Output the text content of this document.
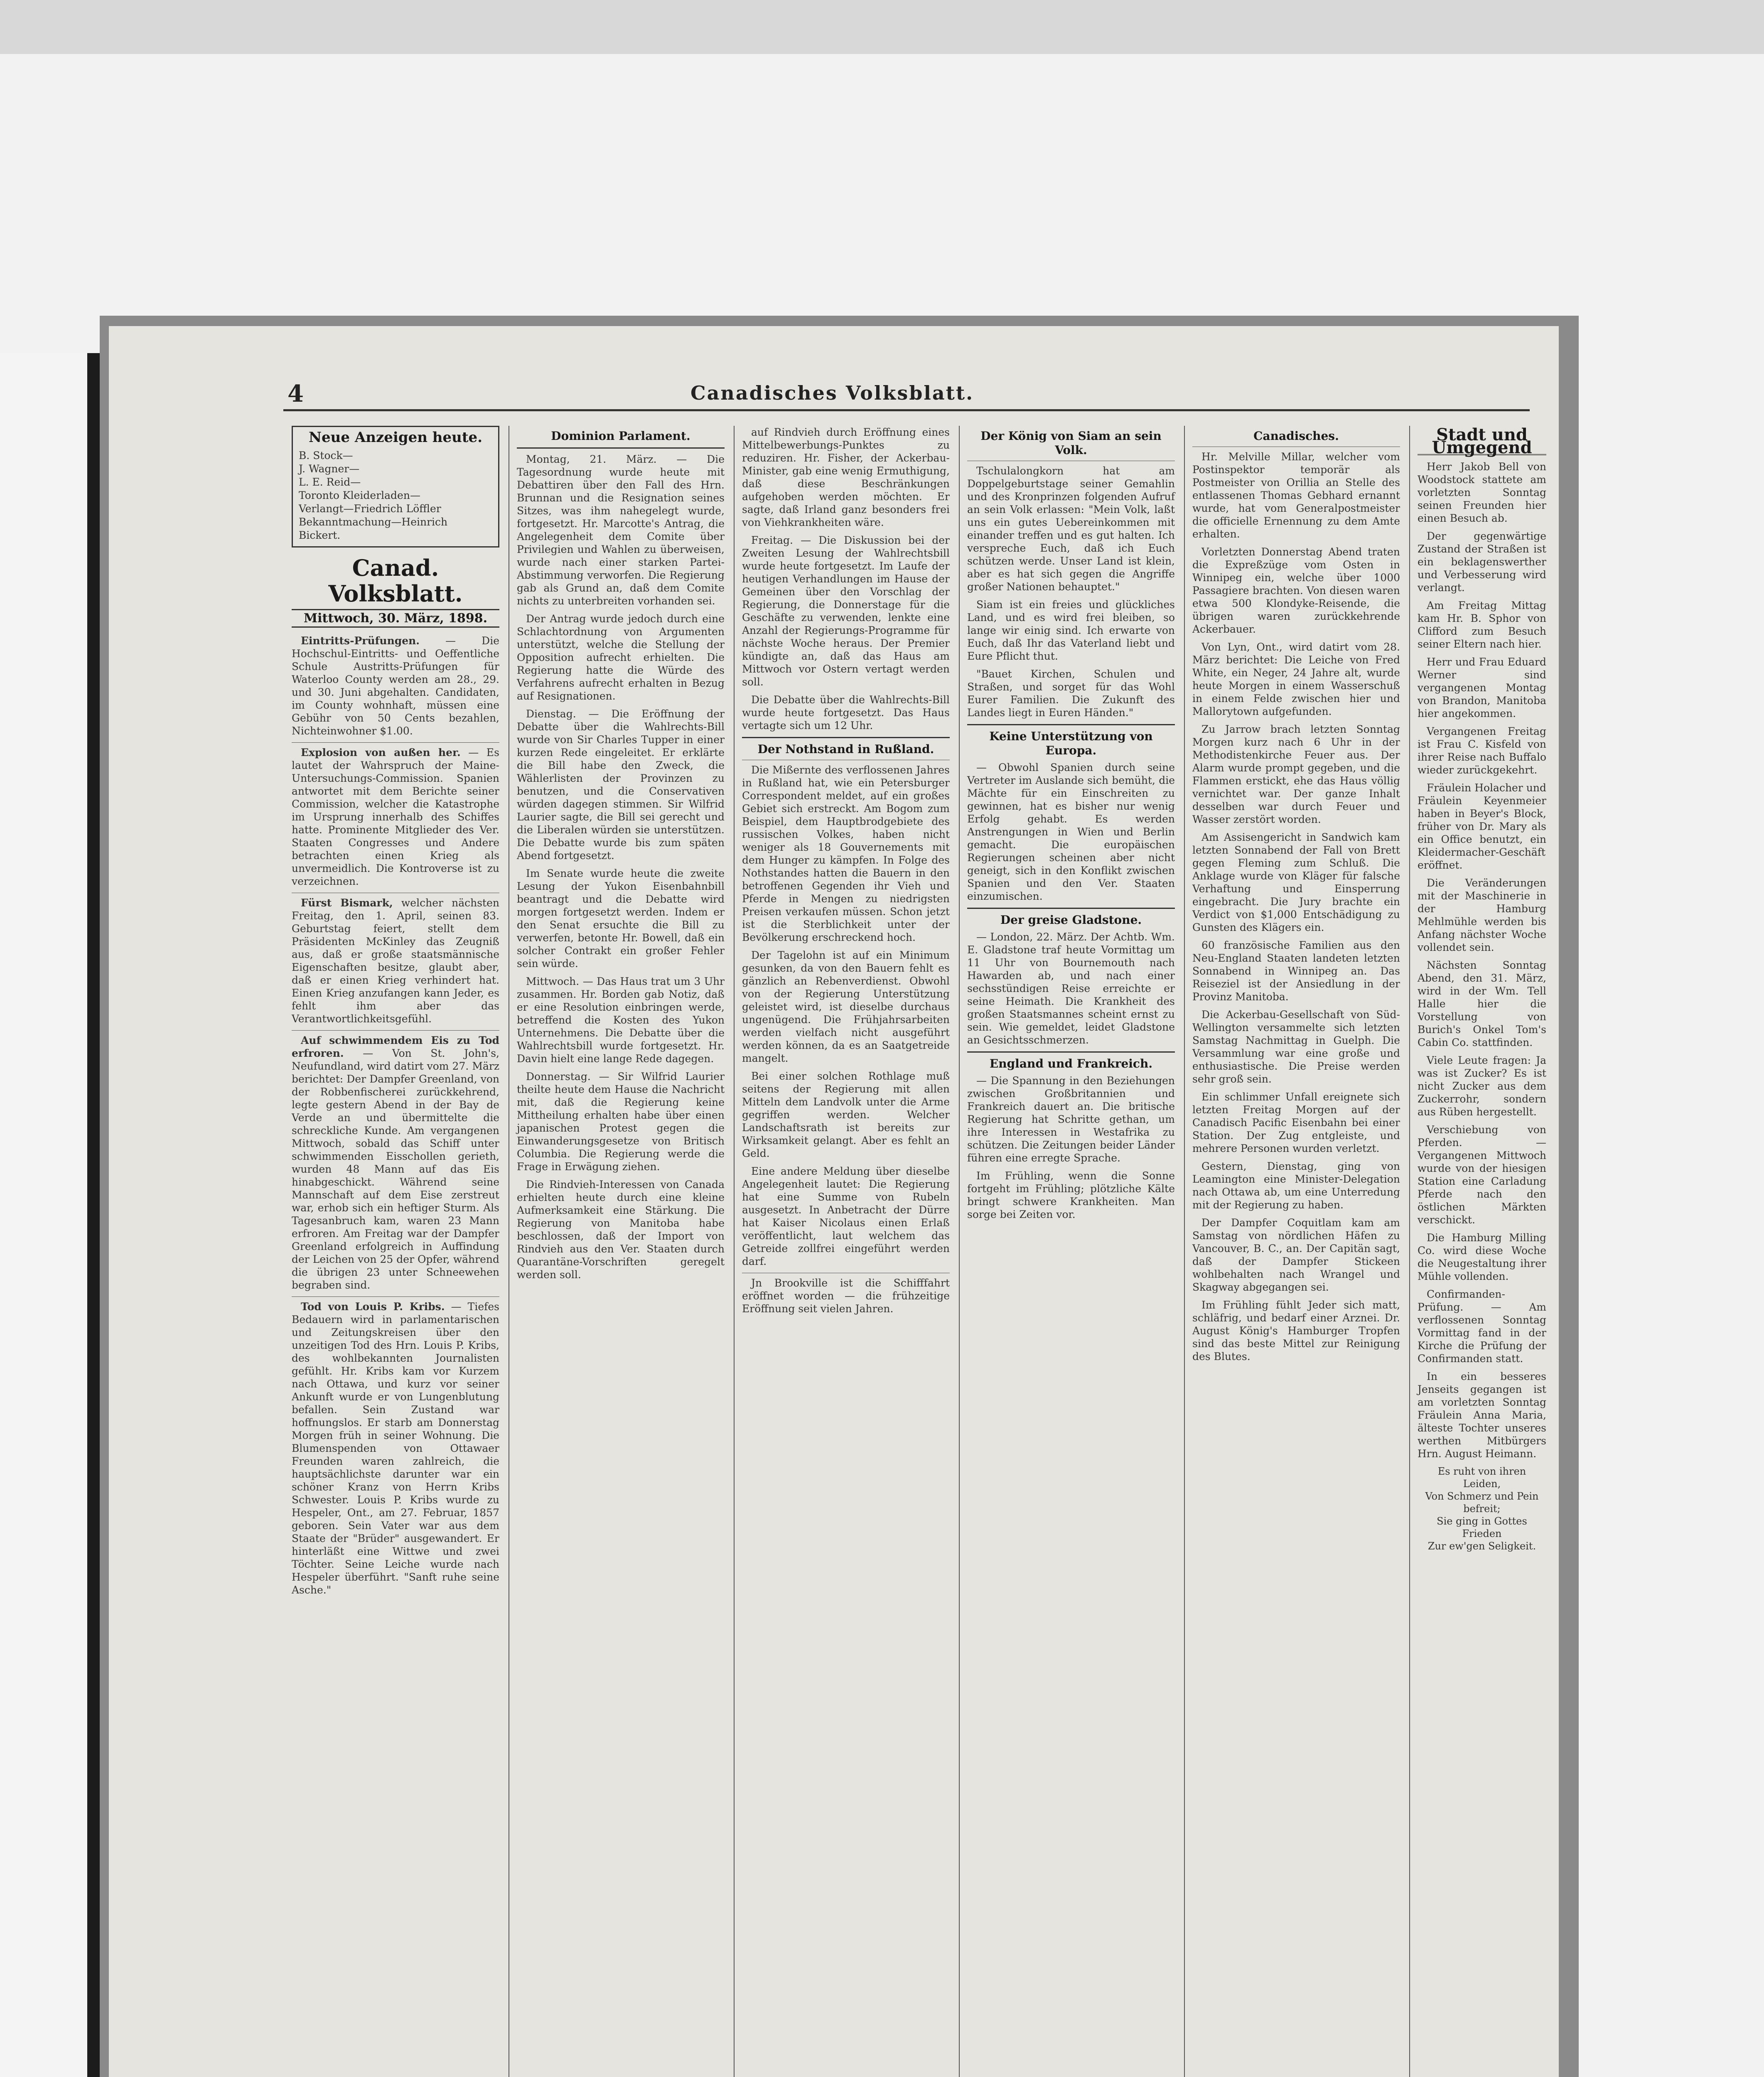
4	Canadisches Volksblatt.
Neue Anzeigen heute.
B. Stock—
J. Wagner—
L. E. Reid—
Toronto Kleiderladen—
Verlangt—Friedrich Löffler
Bekanntmachung—Heinrich Bickert.
Canad. Volksblatt.
Mittwoch, 30. März, 1898.

Eintritts-Prüfungen. — Die Hochschul-Eintritts- und Oeffentliche Schule Austritts-Prüfungen für Waterloo County werden am 28., 29. und 30. Juni abgehalten. Candidaten, im County wohnhaft, müssen eine Gebühr von 50 Cents bezahlen, Nichteinwohner $1.00.

Explosion von außen her. — Es lautet der Wahrspruch der Maine-Untersuchungs-Commission. Spanien antwortet mit dem Berichte seiner Commission, welcher die Katastrophe im Ursprung innerhalb des Schiffes hatte. Prominente Mitglieder des Ver. Staaten Congresses und Andere betrachten einen Krieg als unvermeidlich. Die Kontroverse ist zu verzeichnen.

Fürst Bismark, welcher nächsten Freitag, den 1. April, seinen 83. Geburtstag feiert, stellt dem Präsidenten McKinley das Zeugniß aus, daß er große staatsmännische Eigenschaften besitze, glaubt aber, daß er einen Krieg verhindert hat. Einen Krieg anzufangen kann Jeder, es fehlt ihm aber das Verantwortlichkeitsgefühl.

Auf schwimmendem Eis zu Tod erfroren. — Von St. John's, Neufundland, wird datirt vom 27. März berichtet: Der Dampfer Greenland, von der Robbenfischerei zurückkehrend, legte gestern Abend in der Bay de Verde an und übermittelte die schreckliche Kunde. Am vergangenen Mittwoch, sobald das Schiff unter schwimmenden Eisschollen gerieth, wurden 48 Mann auf das Eis hinabgeschickt. Während seine Mannschaft auf dem Eise zerstreut war, erhob sich ein heftiger Sturm. Als Tagesanbruch kam, waren 23 Mann erfroren. Am Freitag war der Dampfer Greenland erfolgreich in Auffindung der Leichen von 25 der Opfer, während die übrigen 23 unter Schneewehen begraben sind.

Tod von Louis P. Kribs. — Tiefes Bedauern wird in parlamentarischen und Zeitungskreisen über den unzeitigen Tod des Hrn. Louis P. Kribs, des wohlbekannten Journalisten gefühlt. Hr. Kribs kam vor Kurzem nach Ottawa, und kurz vor seiner Ankunft wurde er von Lungenblutung befallen. Sein Zustand war hoffnungslos. Er starb am Donnerstag Morgen früh in seiner Wohnung. Die Blumenspenden von Ottawaer Freunden waren zahlreich, die hauptsächlichste darunter war ein schöner Kranz von Herrn Kribs Schwester. Louis P. Kribs wurde zu Hespeler, Ont., am 27. Februar, 1857 geboren. Sein Vater war aus dem Staate der "Brüder" ausgewandert. Er hinterläßt eine Wittwe und zwei Töchter. Seine Leiche wurde nach Hespeler überführt. "Sanft ruhe seine Asche."

Dominion Parlament.

Montag, 21. März. — Die Tagesordnung wurde heute mit Debattiren über den Fall des Hrn. Brunnan und die Resignation seines Sitzes, was ihm nahegelegt wurde, fortgesetzt. Hr. Marcotte's Antrag, die Angelegenheit dem Comite über Privilegien und Wahlen zu überweisen, wurde nach einer starken Partei-Abstimmung verworfen. Die Regierung gab als Grund an, daß dem Comite nichts zu unterbreiten vorhanden sei.

Der Antrag wurde jedoch durch eine Schlachtordnung von Argumenten unterstützt, welche die Stellung der Opposition aufrecht erhielten. Die Regierung hatte die Würde des Verfahrens aufrecht erhalten in Bezug auf Resignationen.

Dienstag. — Die Eröffnung der Debatte über die Wahlrechts-Bill wurde von Sir Charles Tupper in einer kurzen Rede eingeleitet. Er erklärte die Bill habe den Zweck, die Wählerlisten der Provinzen zu benutzen, und die Conservativen würden dagegen stimmen. Sir Wilfrid Laurier sagte, die Bill sei gerecht und die Liberalen würden sie unterstützen. Die Debatte wurde bis zum späten Abend fortgesetzt.

Im Senate wurde heute die zweite Lesung der Yukon Eisenbahnbill beantragt und die Debatte wird morgen fortgesetzt werden. Indem er den Senat ersuchte die Bill zu verwerfen, betonte Hr. Bowell, daß ein solcher Contrakt ein großer Fehler sein würde.

Mittwoch. — Das Haus trat um 3 Uhr zusammen. Hr. Borden gab Notiz, daß er eine Resolution einbringen werde, betreffend die Kosten des Yukon Unternehmens. Die Debatte über die Wahlrechtsbill wurde fortgesetzt. Hr. Davin hielt eine lange Rede dagegen.

Donnerstag. — Sir Wilfrid Laurier theilte heute dem Hause die Nachricht mit, daß die Regierung keine Mittheilung erhalten habe über einen japanischen Protest gegen die Einwanderungsgesetze von Britisch Columbia. Die Regierung werde die Frage in Erwägung ziehen.

Die Rindvieh-Interessen von Canada erhielten heute durch eine kleine Aufmerksamkeit eine Stärkung. Die Regierung von Manitoba habe beschlossen, daß der Import von Rindvieh aus den Ver. Staaten durch Quarantäne-Vorschriften geregelt werden soll.

auf Rindvieh durch Eröffnung eines Mittelbewerbungs-Punktes zu reduziren. Hr. Fisher, der Ackerbau-Minister, gab eine wenig Ermuthigung, daß diese Beschränkungen aufgehoben werden möchten. Er sagte, daß Irland ganz besonders frei von Viehkrankheiten wäre.

Freitag. — Die Diskussion bei der Zweiten Lesung der Wahlrechtsbill wurde heute fortgesetzt. Im Laufe der heutigen Verhandlungen im Hause der Gemeinen über den Vorschlag der Regierung, die Donnerstage für die Geschäfte zu verwenden, lenkte eine Anzahl der Regierungs-Programme für nächste Woche heraus. Der Premier kündigte an, daß das Haus am Mittwoch vor Ostern vertagt werden soll.

Die Debatte über die Wahlrechts-Bill wurde heute fortgesetzt. Das Haus vertagte sich um 12 Uhr.

Der Nothstand in Rußland.

Die Mißernte des verflossenen Jahres in Rußland hat, wie ein Petersburger Correspondent meldet, auf ein großes Gebiet sich erstreckt. Am Bogom zum Beispiel, dem Hauptbrodgebiete des russischen Volkes, haben nicht weniger als 18 Gouvernements mit dem Hunger zu kämpfen. In Folge des Nothstandes hatten die Bauern in den betroffenen Gegenden ihr Vieh und Pferde in Mengen zu niedrigsten Preisen verkaufen müssen. Schon jetzt ist die Sterblichkeit unter der Bevölkerung erschreckend hoch.

Der Tagelohn ist auf ein Minimum gesunken, da von den Bauern fehlt es gänzlich an Rebenverdienst. Obwohl von der Regierung Unterstützung geleistet wird, ist dieselbe durchaus ungenügend. Die Frühjahrsarbeiten werden vielfach nicht ausgeführt werden können, da es an Saatgetreide mangelt.

Bei einer solchen Rothlage muß seitens der Regierung mit allen Mitteln dem Landvolk unter die Arme gegriffen werden. Welcher Landschaftsrath ist bereits zur Wirksamkeit gelangt. Aber es fehlt an Geld.

Eine andere Meldung über dieselbe Angelegenheit lautet: Die Regierung hat eine Summe von Rubeln ausgesetzt. In Anbetracht der Dürre hat Kaiser Nicolaus einen Erlaß veröffentlicht, laut welchem das Getreide zollfrei eingeführt werden darf.

Jn Brookville ist die Schifffahrt eröffnet worden — die frühzeitige Eröffnung seit vielen Jahren.

Der König von Siam an sein Volk.

Tschulalongkorn hat am Doppelgeburtstage seiner Gemahlin und des Kronprinzen folgenden Aufruf an sein Volk erlassen: "Mein Volk, laßt uns ein gutes Uebereinkommen mit einander treffen und es gut halten. Ich verspreche Euch, daß ich Euch schützen werde. Unser Land ist klein, aber es hat sich gegen die Angriffe großer Nationen behauptet."

Siam ist ein freies und glückliches Land, und es wird frei bleiben, so lange wir einig sind. Ich erwarte von Euch, daß Ihr das Vaterland liebt und Eure Pflicht thut.

"Bauet Kirchen, Schulen und Straßen, und sorget für das Wohl Eurer Familien. Die Zukunft des Landes liegt in Euren Händen."

Keine Unterstützung von Europa.

— Obwohl Spanien durch seine Vertreter im Auslande sich bemüht, die Mächte für ein Einschreiten zu gewinnen, hat es bisher nur wenig Erfolg gehabt. Es werden Anstrengungen in Wien und Berlin gemacht. Die europäischen Regierungen scheinen aber nicht geneigt, sich in den Konflikt zwischen Spanien und den Ver. Staaten einzumischen.

Der greise Gladstone.

— London, 22. März. Der Achtb. Wm. E. Gladstone traf heute Vormittag um 11 Uhr von Bournemouth nach Hawarden ab, und nach einer sechsstündigen Reise erreichte er seine Heimath. Die Krankheit des großen Staatsmannes scheint ernst zu sein. Wie gemeldet, leidet Gladstone an Gesichtsschmerzen.

England und Frankreich.

— Die Spannung in den Beziehungen zwischen Großbritannien und Frankreich dauert an. Die britische Regierung hat Schritte gethan, um ihre Interessen in Westafrika zu schützen. Die Zeitungen beider Länder führen eine erregte Sprache.

Im Frühling, wenn die Sonne fortgeht im Frühling; plötzliche Kälte bringt schwere Krankheiten. Man sorge bei Zeiten vor.

Canadisches.

Hr. Melville Millar, welcher vom Postinspektor temporär als Postmeister von Orillia an Stelle des entlassenen Thomas Gebhard ernannt wurde, hat vom Generalpostmeister die officielle Ernennung zu dem Amte erhalten.

Vorletzten Donnerstag Abend traten die Expreßzüge vom Osten in Winnipeg ein, welche über 1000 Passagiere brachten. Von diesen waren etwa 500 Klondyke-Reisende, die übrigen waren zurückkehrende Ackerbauer.

Von Lyn, Ont., wird datirt vom 28. März berichtet: Die Leiche von Fred White, ein Neger, 24 Jahre alt, wurde heute Morgen in einem Wasserschuß in einem Felde zwischen hier und Mallorytown aufgefunden.

Zu Jarrow brach letzten Sonntag Morgen kurz nach 6 Uhr in der Methodistenkirche Feuer aus. Der Alarm wurde prompt gegeben, und die Flammen erstickt, ehe das Haus völlig vernichtet war. Der ganze Inhalt desselben war durch Feuer und Wasser zerstört worden.

Am Assisengericht in Sandwich kam letzten Sonnabend der Fall von Brett gegen Fleming zum Schluß. Die Anklage wurde von Kläger für falsche Verhaftung und Einsperrung eingebracht. Die Jury brachte ein Verdict von $1,000 Entschädigung zu Gunsten des Klägers ein.

60 französische Familien aus den Neu-England Staaten landeten letzten Sonnabend in Winnipeg an. Das Reiseziel ist der Ansiedlung in der Provinz Manitoba.

Die Ackerbau-Gesellschaft von Süd-Wellington versammelte sich letzten Samstag Nachmittag in Guelph. Die Versammlung war eine große und enthusiastische. Die Preise werden sehr groß sein.

Ein schlimmer Unfall ereignete sich letzten Freitag Morgen auf der Canadisch Pacific Eisenbahn bei einer Station. Der Zug entgleiste, und mehrere Personen wurden verletzt.

Gestern, Dienstag, ging von Leamington eine Minister-Delegation nach Ottawa ab, um eine Unterredung mit der Regierung zu haben.

Der Dampfer Coquitlam kam am Samstag von nördlichen Häfen zu Vancouver, B. C., an. Der Capitän sagt, daß der Dampfer Stickeen wohlbehalten nach Wrangel und Skagway abgegangen sei.

Im Frühling fühlt Jeder sich matt, schläfrig, und bedarf einer Arznei. Dr. August König's Hamburger Tropfen sind das beste Mittel zur Reinigung des Blutes.

Stadt und Umgegend

Herr Jakob Bell von Woodstock stattete am vorletzten Sonntag seinen Freunden hier einen Besuch ab.

Der gegenwärtige Zustand der Straßen ist ein beklagenswerther und Verbesserung wird verlangt.

Am Freitag Mittag kam Hr. B. Sphor von Clifford zum Besuch seiner Eltern nach hier.

Herr und Frau Eduard Werner sind vergangenen Montag von Brandon, Manitoba hier angekommen.

Vergangenen Freitag ist Frau C. Kisfeld von ihrer Reise nach Buffalo wieder zurückgekehrt.

Fräulein Holacher und Fräulein Keyenmeier haben in Beyer's Block, früher von Dr. Mary als ein Office benutzt, ein Kleidermacher-Geschäft eröffnet.

Die Veränderungen mit der Maschinerie in der Hamburg Mehlmühle werden bis Anfang nächster Woche vollendet sein.

Nächsten Sonntag Abend, den 31. März, wird in der Wm. Tell Halle hier die Vorstellung von Burich's Onkel Tom's Cabin Co. stattfinden.

Viele Leute fragen: Ja was ist Zucker? Es ist nicht Zucker aus dem Zuckerrohr, sondern aus Rüben hergestellt.

Verschiebung von Pferden. — Vergangenen Mittwoch wurde von der hiesigen Station eine Carladung Pferde nach den östlichen Märkten verschickt.

Die Hamburg Milling Co. wird diese Woche die Neugestaltung ihrer Mühle vollenden.

Confirmanden-Prüfung. — Am verflossenen Sonntag Vormittag fand in der Kirche die Prüfung der Confirmanden statt.

In ein besseres Jenseits gegangen ist am vorletzten Sonntag Fräulein Anna Maria, älteste Tochter unseres werthen Mitbürgers Hrn. August Heimann.

Es ruht von ihren Leiden,
Von Schmerz und Pein befreit;
Sie ging in Gottes Frieden
Zur ew'gen Seligkeit.
